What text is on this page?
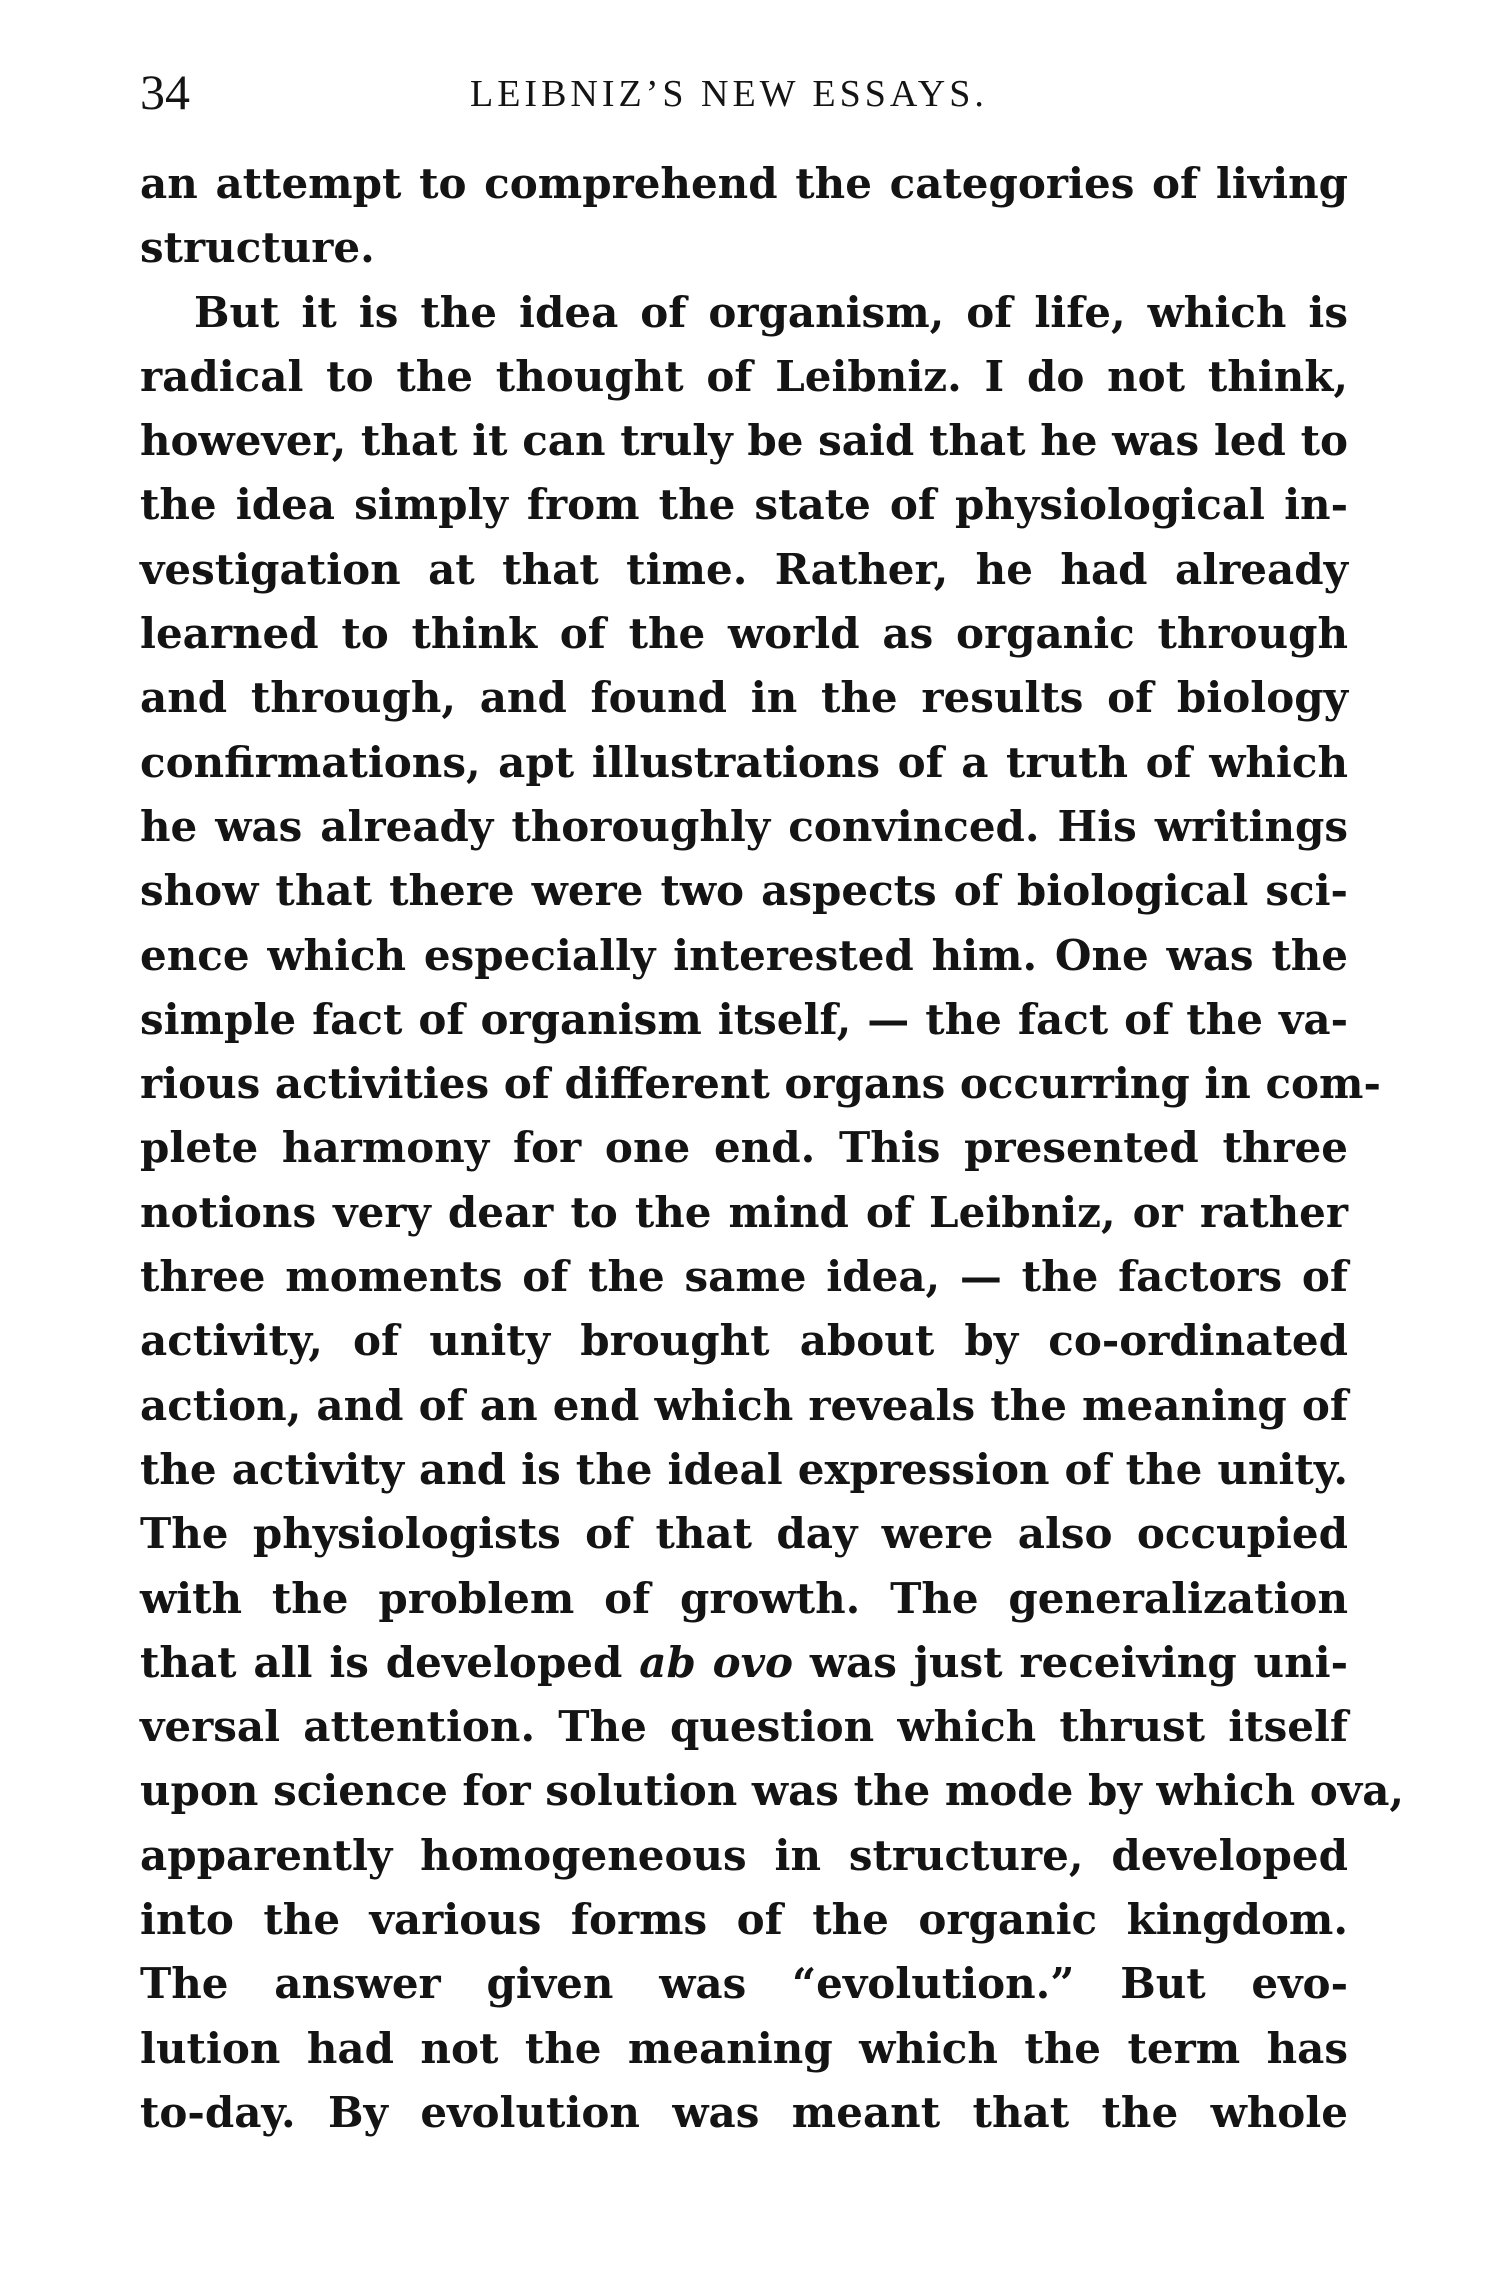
34	LEIBNIZ’S NEW ESSAYS.
an attempt to comprehend the categories of living
structure.
But it is the idea of organism, of life, which is
radical to the thought of Leibniz. I do not think,
however, that it can truly be said that he was led to
the idea simply from the state of physiological in-
vestigation at that time. Rather, he had already
learned to think of the world as organic through
and through, and found in the results of biology
confirmations, apt illustrations of a truth of which
he was already thoroughly convinced. His writings
show that there were two aspects of biological sci-
ence which especially interested him. One was the
simple fact of organism itself, — the fact of the va-
rious activities of different organs occurring in com-
plete harmony for one end. This presented three
notions very dear to the mind of Leibniz, or rather
three moments of the same idea, — the factors of
activity, of unity brought about by co-ordinated
action, and of an end which reveals the meaning of
the activity and is the ideal expression of the unity.
The physiologists of that day were also occupied
with the problem of growth. The generalization
that all is developed ab ovo was just receiving uni-
versal attention. The question which thrust itself
upon science for solution was the mode by which ova,
apparently homogeneous in structure, developed
into the various forms of the organic kingdom.
The answer given was “evolution.” But evo-
lution had not the meaning which the term has
to-day. By evolution was meant that the whole
